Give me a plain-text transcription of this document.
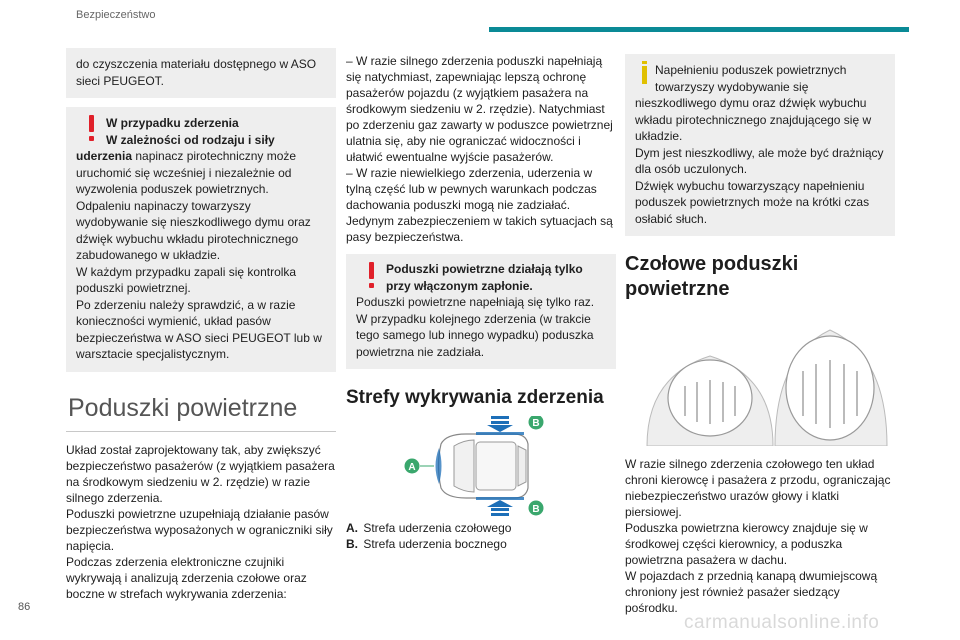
Bezpieczeństwo

do czyszczenia materiału dostępnego w ASO sieci PEUGEOT.

W przypadku zderzenia

W zależności od rodzaju i siły

uderzenia napinacz pirotechniczny może uruchomić się wcześniej i niezależnie od wyzwolenia poduszek powietrznych.

Odpaleniu napinaczy towarzyszy wydobywanie się nieszkodliwego dymu oraz dźwięk wybuchu wkładu pirotechnicznego zabudowanego w układzie.

W każdym przypadku zapali się kontrolka poduszki powietrznej.

Po zderzeniu należy sprawdzić, a w razie konieczności wymienić, układ pasów bezpieczeństwa w ASO sieci PEUGEOT lub w warsztacie specjalistycznym.

Poduszki powietrzne

Układ został zaprojektowany tak, aby zwiększyć bezpieczeństwo pasażerów (z wyjątkiem pasażera na środkowym siedzeniu w 2. rzędzie) w razie silnego zderzenia.

Poduszki powietrzne uzupełniają działanie pasów bezpieczeństwa wyposażonych w ograniczniki siły napięcia.

Podczas zderzenia elektroniczne czujniki wykrywają i analizują zderzenia czołowe oraz boczne w strefach wykrywania zderzenia:

– W razie silnego zderzenia poduszki napełniają się natychmiast, zapewniając lepszą ochronę pasażerów pojazdu (z wyjątkiem pasażera na środkowym siedzeniu w 2. rzędzie). Natychmiast po zderzeniu gaz zawarty w poduszce powietrznej ulatnia się, aby nie ograniczać widoczności i ułatwić ewentualne wyjście pasażerów.

– W razie niewielkiego zderzenia, uderzenia w tylną część lub w pewnych warunkach podczas dachowania poduszki mogą nie zadziałać.

Jedynym zabezpieczeniem w takich sytuacjach są pasy bezpieczeństwa.

Poduszki powietrzne działają tylko

przy włączonym zapłonie.

Poduszki powietrzne napełniają się tylko raz. W przypadku kolejnego zderzenia (w trakcie tego samego lub innego wypadku) poduszka powietrzna nie zadziała.

Strefy wykrywania zderzenia
A
B
B
A. Strefa uderzenia czołowego
B. Strefa uderzenia bocznego

Napełnieniu poduszek powietrznych

towarzyszy wydobywanie się

nieszkodliwego dymu oraz dźwięk wybuchu wkładu pirotechnicznego znajdującego się w układzie.

Dym jest nieszkodliwy, ale może być drażniący dla osób uczulonych.

Dźwięk wybuchu towarzyszący napełnieniu poduszek powietrznych może na krótki czas osłabić słuch.

Czołowe poduszki powietrzne

W razie silnego zderzenia czołowego ten układ chroni kierowcę i pasażera z przodu, ograniczając niebezpieczeństwo urazów głowy i klatki piersiowej.

Poduszka powietrzna kierowcy znajduje się w środkowej części kierownicy, a poduszka powietrzna pasażera w dachu.

W pojazdach z przednią kanapą dwumiejscową chroniony jest również pasażer siedzący pośrodku.

86
carmanualsonline.info
